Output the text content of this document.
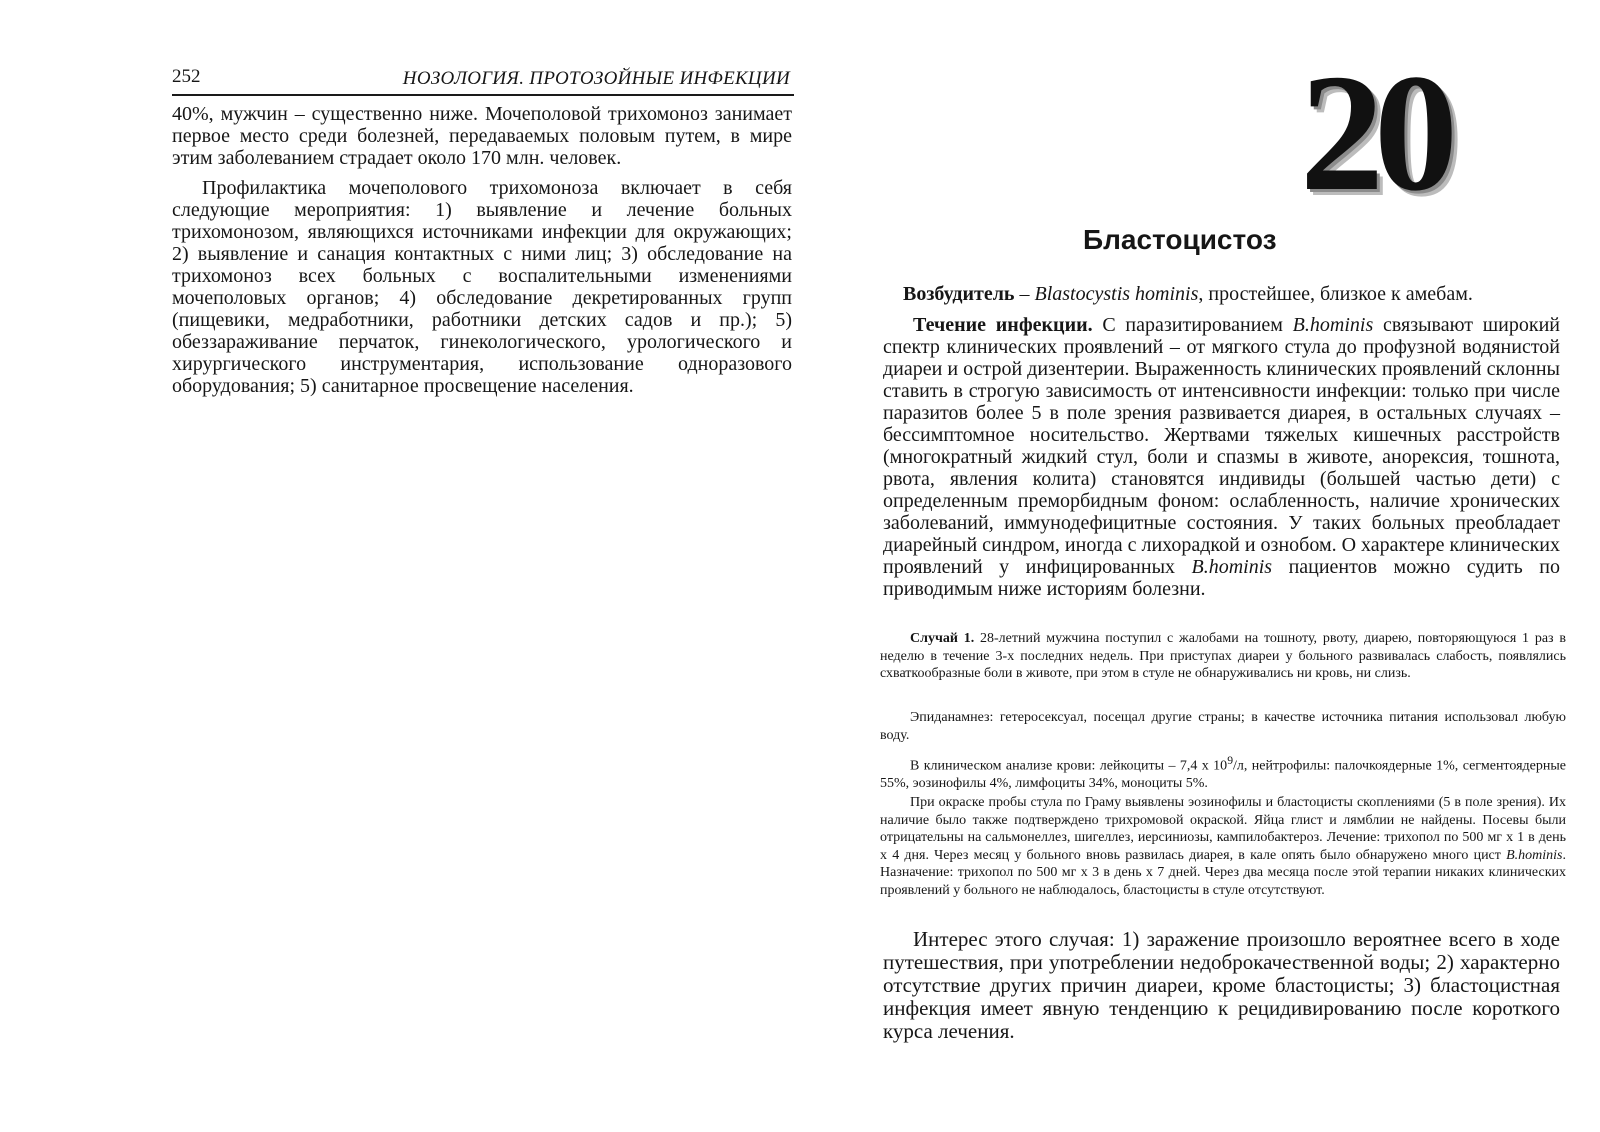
252	НОЗОЛОГИЯ. ПРОТОЗОЙНЫЕ ИНФЕКЦИИ

40%, мужчин – существенно ниже. Мочеполовой трихомоноз занимает первое место среди болезней, передаваемых половым путем, в мире этим заболеванием страдает около 170 млн. человек.

Профилактика мочеполового трихомоноза включает в себя следующие мероприятия: 1) выявление и лечение больных трихомонозом, являющихся источниками инфекции для окружающих; 2) выявление и санация контактных с ними лиц; 3) обследование на трихомоноз всех больных с воспалительными изменениями мочеполовых органов; 4) обследование декретированных групп (пищевики, медработники, работники детских садов и пр.); 5) обеззараживание перчаток, гинекологического, урологического и хирургического инструментария, использование одноразового оборудования; 5) санитарное просвещение населения.

20
Бластоцистоз

Возбудитель – Blastocystis hominis, простейшее, близкое к амебам.

Течение инфекции. С паразитированием B.hominis связывают широкий спектр клинических проявлений – от мягкого стула до профузной водянистой диареи и острой дизентерии. Выраженность клинических проявлений склонны ставить в строгую зависимость от интенсивности инфекции: только при числе паразитов более 5 в поле зрения развивается диарея, в остальных случаях – бессимптомное носительство. Жертвами тяжелых кишечных расстройств (многократный жидкий стул, боли и спазмы в животе, анорексия, тошнота, рвота, явления колита) становятся индивиды (большей частью дети) с определенным преморбидным фоном: ослабленность, наличие хронических заболеваний, иммунодефицитные состояния. У таких больных преобладает диарейный синдром, иногда с лихорадкой и ознобом. О характере клинических проявлений у инфицированных B.hominis пациентов можно судить по приводимым ниже историям болезни.

Случай 1. 28-летний мужчина поступил с жалобами на тошноту, рвоту, диарею, повторяющуюся 1 раз в неделю в течение 3-х последних недель. При приступах диареи у больного развивалась слабость, появлялись схваткообразные боли в животе, при этом в стуле не обнаруживались ни кровь, ни слизь.

Эпиданамнез: гетеросексуал, посещал другие страны; в качестве источника питания использовал любую воду.

В клиническом анализе крови: лейкоциты – 7,4 х $10^9/л$, нейтрофилы: палочкоядерные 1%, сегментоядерные 55%, эозинофилы 4%, лимфоциты 34%, моноциты 5%.

При окраске пробы стула по Граму выявлены эозинофилы и бластоцисты скоплениями (5 в поле зрения). Их наличие было также подтверждено трихромовой окраской. Яйца глист и лямблии не найдены. Посевы были отрицательны на сальмонеллез, шигеллез, иерсиниозы, кампилобактероз. Лечение: трихопол по 500 мг х 1 в день х 4 дня. Через месяц у больного вновь развилась диарея, в кале опять было обнаружено много цист B.hominis. Назначение: трихопол по 500 мг х 3 в день х 7 дней. Через два месяца после этой терапии никаких клинических проявлений у больного не наблюдалось, бластоцисты в стуле отсутствуют.

Интерес этого случая: 1) заражение произошло вероятнее всего в ходе путешествия, при употреблении недоброкачественной воды; 2) характерно отсутствие других причин диареи, кроме бластоцисты; 3) бластоцистная инфекция имеет явную тенденцию к рецидивированию после короткого курса лечения.
